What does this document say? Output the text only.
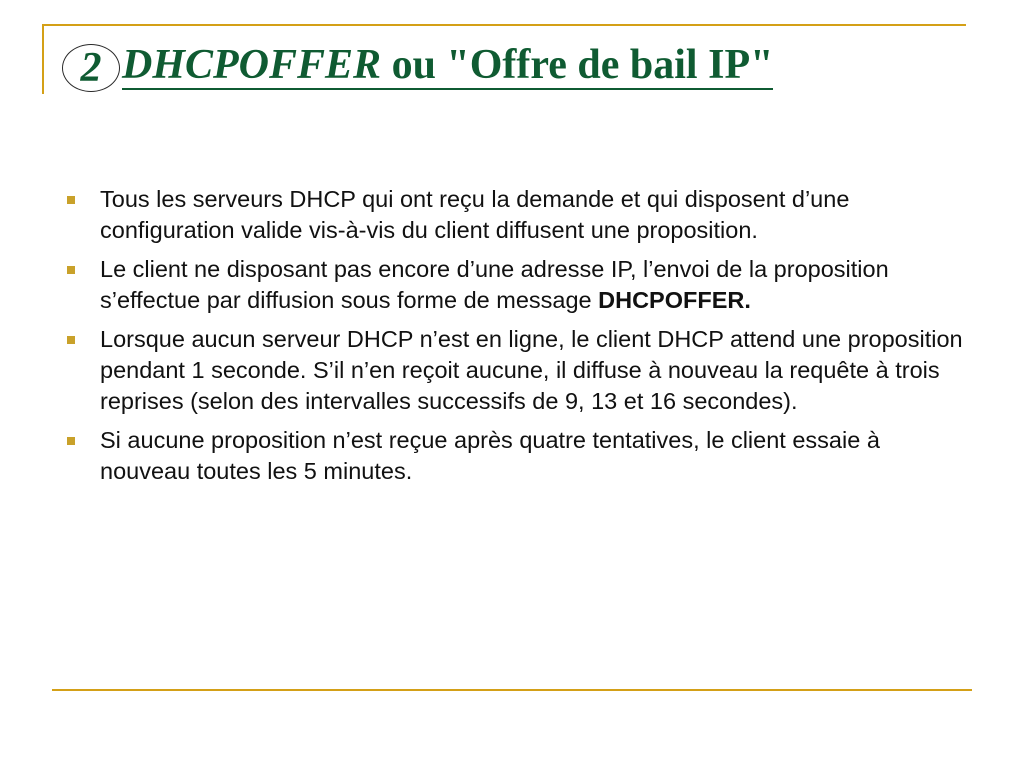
2 DHCPOFFER ou "Offre de bail IP"
Tous les serveurs DHCP qui ont reçu la demande et qui disposent d’une configuration valide vis-à-vis du client diffusent une proposition.
Le client ne disposant pas encore d’une adresse IP, l’envoi de la proposition s’effectue par diffusion sous forme de message DHCPOFFER.
Lorsque aucun serveur DHCP n’est en ligne, le client DHCP attend une proposition pendant 1 seconde. S’il n’en reçoit aucune, il diffuse à nouveau la requête à trois reprises (selon des intervalles successifs de 9, 13 et 16 secondes).
Si aucune proposition n’est reçue après quatre tentatives, le client essaie à nouveau toutes les 5 minutes.
